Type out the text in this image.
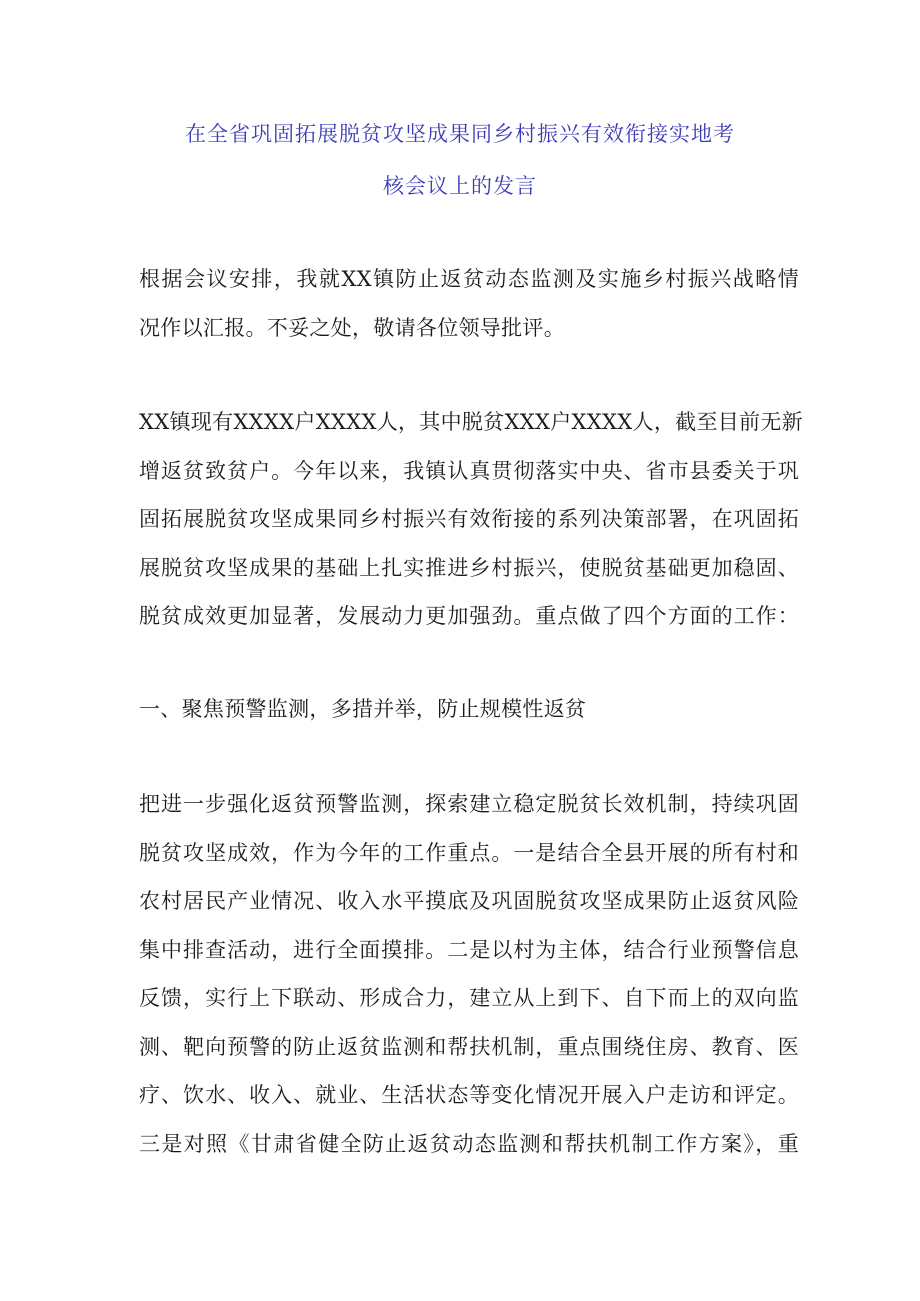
在全省巩固拓展脱贫攻坚成果同乡村振兴有效衔接实地考
核会议上的发言
根据会议安排，我就XX镇防止返贫动态监测及实施乡村振兴战略情
况作以汇报。不妥之处，敬请各位领导批评。
XX镇现有XXXX户XXXX人，其中脱贫XXX户XXXX人，截至目前无新
增返贫致贫户。今年以来，我镇认真贯彻落实中央、省市县委关于巩
固拓展脱贫攻坚成果同乡村振兴有效衔接的系列决策部署，在巩固拓
展脱贫攻坚成果的基础上扎实推进乡村振兴，使脱贫基础更加稳固、
脱贫成效更加显著，发展动力更加强劲。重点做了四个方面的工作：
一、聚焦预警监测，多措并举，防止规模性返贫
把进一步强化返贫预警监测，探索建立稳定脱贫长效机制，持续巩固
脱贫攻坚成效，作为今年的工作重点。一是结合全县开展的所有村和
农村居民产业情况、收入水平摸底及巩固脱贫攻坚成果防止返贫风险
集中排查活动，进行全面摸排。二是以村为主体，结合行业预警信息
反馈，实行上下联动、形成合力，建立从上到下、自下而上的双向监
测、靶向预警的防止返贫监测和帮扶机制，重点围绕住房、教育、医
疗、饮水、收入、就业、生活状态等变化情况开展入户走访和评定。
三是对照《甘肃省健全防止返贫动态监测和帮扶机制工作方案》，重
